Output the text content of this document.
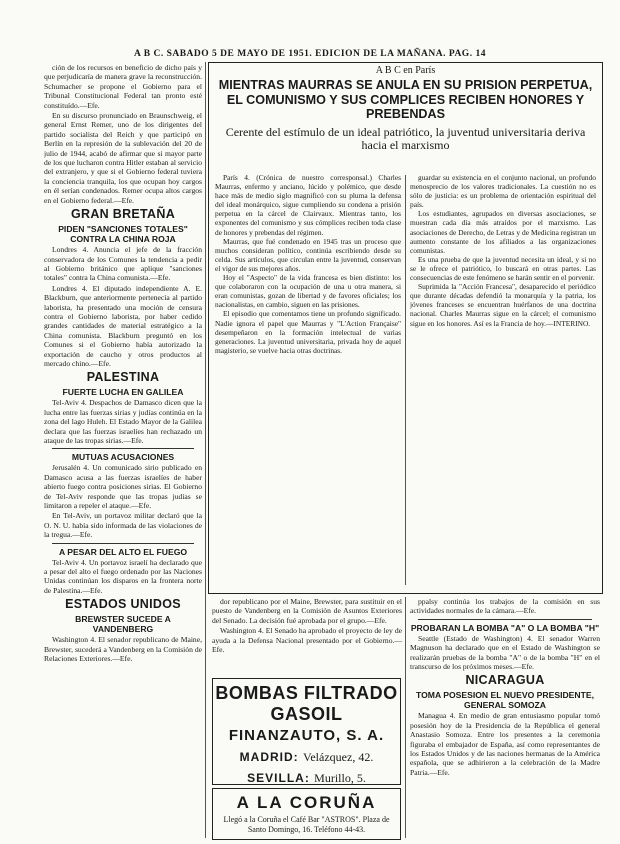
A B C. SABADO 5 DE MAYO DE 1951. EDICION DE LA MAÑANA. PAG. 14

ción de los recursos en beneficio de dicho país y que perjudicaría de manera grave la reconstrucción. Schumacher se propone el Gobierno para el Tribunal Constitucional Federal tan pronto esté constituído.—Efe.

En su discurso pronunciado en Braunschweig, el general Ernst Remer, uno de los dirigentes del partido socialista del Reich y que participó en Berlín en la represión de la sublevación del 20 de julio de 1944, acabó de afirmar que si mayor parte de los que lucharon contra Hitler estaban al servicio del extranjero, y que si el Gobierno federal tuviera la conciencia tranquila, los que ocupan hoy cargos en él serían condenados. Remer ocupa altos cargos en el Gobierno federal.—Efe.

GRAN BRETAÑA
PIDEN "SANCIONES TOTALES" CONTRA LA CHINA ROJA

Londres 4. Anuncia el jefe de la fracción conservadora de los Comunes la tendencia a pedir al Gobierno británico que aplique "sanciones totales" contra la China comunista.—Efe.

Londres 4. El diputado independiente A. E. Blackburn, que anteriormente pertenecía al partido laborista, ha presentado una moción de censura contra el Gobierno laborista, por haber cedido grandes cantidades de material estratégico a la China comunista. Blackburn preguntó en los Comunes si el Gobierno había autorizado la exportación de caucho y otros productos al mercado chino.—Efe.

PALESTINA
FUERTE LUCHA EN GALILEA

Tel-Aviv 4. Despachos de Damasco dicen que la lucha entre las fuerzas sirias y judías continúa en la zona del lago Huleh. El Estado Mayor de la Galilea declara que las fuerzas israelíes han rechazado un ataque de las tropas sirias.—Efe.

MUTUAS ACUSACIONES

Jerusalén 4. Un comunicado sirio publicado en Damasco acusa a las fuerzas israelíes de haber abierto fuego contra posiciones sirias. El Gobierno de Tel-Aviv responde que las tropas judías se limitaron a repeler el ataque.—Efe.

En Tel-Aviv, un portavoz militar declaró que la O. N. U. había sido informada de las violaciones de la tregua.—Efe.

A PESAR DEL ALTO EL FUEGO

Tel-Aviv 4. Un portavoz israelí ha declarado que a pesar del alto el fuego ordenado por las Naciones Unidas continúan los disparos en la frontera norte de Palestina.—Efe.

ESTADOS UNIDOS
BREWSTER SUCEDE A VANDENBERG

Washington 4. El senador republicano de Maine, Brewster, sucederá a Vandenberg en la Comisión de Relaciones Exteriores.—Efe.

A B C en París
MIENTRAS MAURRAS SE ANULA EN SU PRISION PERPETUA, EL COMUNISMO Y SUS COMPLICES RECIBEN HONORES Y PREBENDAS
Cerente del estímulo de un ideal patriótico, la juventud universitaria deriva hacia el marxismo

París 4. (Crónica de nuestro corresponsal.) Charles Maurras, enfermo y anciano, lúcido y polémico, que desde hace más de medio siglo magnificó con su pluma la defensa del ideal monárquico, sigue cumpliendo su condena a prisión perpetua en la cárcel de Clairvaux. Mientras tanto, los exponentes del comunismo y sus cómplices reciben toda clase de honores y prebendas del régimen.

Maurras, que fué condenado en 1945 tras un proceso que muchos consideran político, continúa escribiendo desde su celda. Sus artículos, que circulan entre la juventud, conservan el vigor de sus mejores años.

Hoy el "Aspecto" de la vida francesa es bien distinto: los que colaboraron con la ocupación de una u otra manera, si eran comunistas, gozan de libertad y de favores oficiales; los nacionalistas, en cambio, siguen en las prisiones.

El episodio que comentamos tiene un profundo significado. Nadie ignora el papel que Maurras y "L'Action Française" desempeñaron en la formación intelectual de varias generaciones. La juventud universitaria, privada hoy de aquel magisterio, se vuelve hacia otras doctrinas.

guardar su existencia en el conjunto nacional, un profundo menosprecio de los valores tradicionales. La cuestión no es sólo de justicia: es un problema de orientación espiritual del país.

Los estudiantes, agrupados en diversas asociaciones, se muestran cada día más atraídos por el marxismo. Las asociaciones de Derecho, de Letras y de Medicina registran un aumento constante de los afiliados a las organizaciones comunistas.

Es una prueba de que la juventud necesita un ideal, y si no se le ofrece el patriótico, lo buscará en otras partes. Las consecuencias de este fenómeno se harán sentir en el porvenir.

Suprimida la "Acción Francesa", desaparecido el periódico que durante décadas defendió la monarquía y la patria, los jóvenes franceses se encuentran huérfanos de una doctrina nacional. Charles Maurras sigue en la cárcel; el comunismo sigue en los honores. Así es la Francia de hoy.—INTERINO.

dor republicano por el Maine, Brewster, para sustituir en el puesto de Vandenberg en la Comisión de Asuntos Exteriores del Senado. La decisión fué aprobada por el grupo.—Efe.

Washington 4. El Senado ha aprobado el proyecto de ley de ayuda a la Defensa Nacional presentado por el Gobierno.—Efe.

BOMBAS FILTRADO GASOIL
FINANZAUTO, S. A.
MADRID: Velázquez, 42.
SEVILLA: Murillo, 5.
A LA CORUÑA
Llegó a la Coruña el Café Bar "ASTROS". Plaza de Santo Domingo, 16. Teléfono 44-43.

ppalsy continúa los trabajos de la comisión en sus actividades normales de la cámara.—Efe.

PROBARAN LA BOMBA "A" O LA BOMBA "H"

Seattle (Estado de Washington) 4. El senador Warren Magnuson ha declarado que en el Estado de Washington se realizarán pruebas de la bomba "A" o de la bomba "H" en el transcurso de los próximos meses.—Efe.

NICARAGUA
TOMA POSESION EL NUEVO PRESIDENTE, GENERAL SOMOZA

Managua 4. En medio de gran entusiasmo popular tomó posesión hoy de la Presidencia de la República el general Anastasio Somoza. Entre los presentes a la ceremonia figuraba el embajador de España, así como representantes de los Estados Unidos y de las naciones hermanas de la América española, que se adhirieron a la celebración de la Madre Patria.—Efe.
